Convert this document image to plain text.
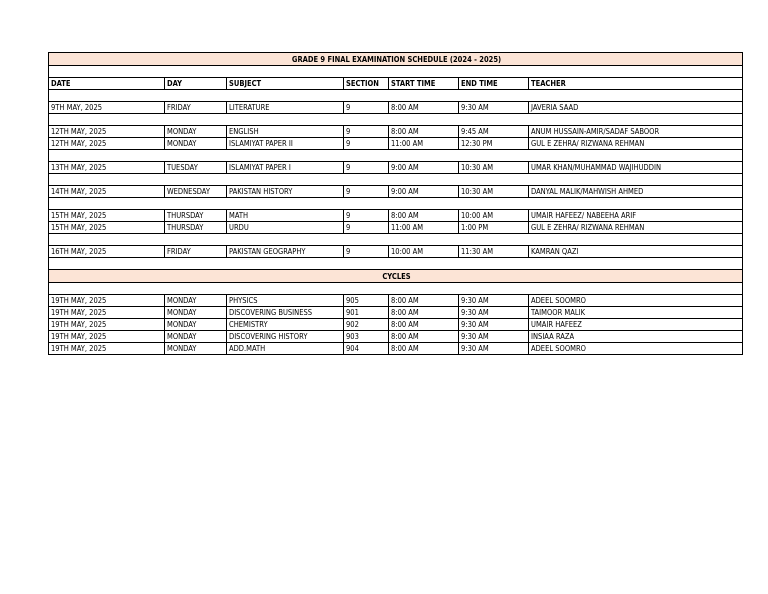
GRADE 9 FINAL EXAMINATION SCHEDULE (2024 - 2025)						

DATE	DAY	SUBJECT	SECTION	START TIME	END TIME	TEACHER

9TH MAY, 2025	FRIDAY	LITERATURE	9	8:00 AM	9:30 AM	JAVERIA SAAD

12TH MAY, 2025	MONDAY	ENGLISH	9	8:00 AM	9:45 AM	ANUM HUSSAIN-AMIR/SADAF SABOOR
12TH MAY, 2025	MONDAY	ISLAMIYAT PAPER II	9	11:00 AM	12:30 PM	GUL E ZEHRA/ RIZWANA REHMAN

13TH MAY, 2025	TUESDAY	ISLAMIYAT PAPER I	9	9:00 AM	10:30 AM	UMAR KHAN/MUHAMMAD WAJIHUDDIN

14TH MAY, 2025	WEDNESDAY	PAKISTAN HISTORY	9	9:00 AM	10:30 AM	DANYAL MALIK/MAHWISH AHMED

15TH MAY, 2025	THURSDAY	MATH	9	8:00 AM	10:00 AM	UMAIR HAFEEZ/ NABEEHA ARIF
15TH MAY, 2025	THURSDAY	URDU	9	11:00 AM	1:00 PM	GUL E ZEHRA/ RIZWANA REHMAN

16TH MAY, 2025	FRIDAY	PAKISTAN GEOGRAPHY	9	10:00 AM	11:30 AM	KAMRAN QAZI

CYCLES						

19TH MAY, 2025	MONDAY	PHYSICS	905	8:00 AM	9:30 AM	ADEEL SOOMRO
19TH MAY, 2025	MONDAY	DISCOVERING BUSINESS	901	8:00 AM	9:30 AM	TAIMOOR MALIK
19TH MAY, 2025	MONDAY	CHEMISTRY	902	8:00 AM	9:30 AM	UMAIR HAFEEZ
19TH MAY, 2025	MONDAY	DISCOVERING HISTORY	903	8:00 AM	9:30 AM	INSIAA RAZA
19TH MAY, 2025	MONDAY	ADD.MATH	904	8:00 AM	9:30 AM	ADEEL SOOMRO
